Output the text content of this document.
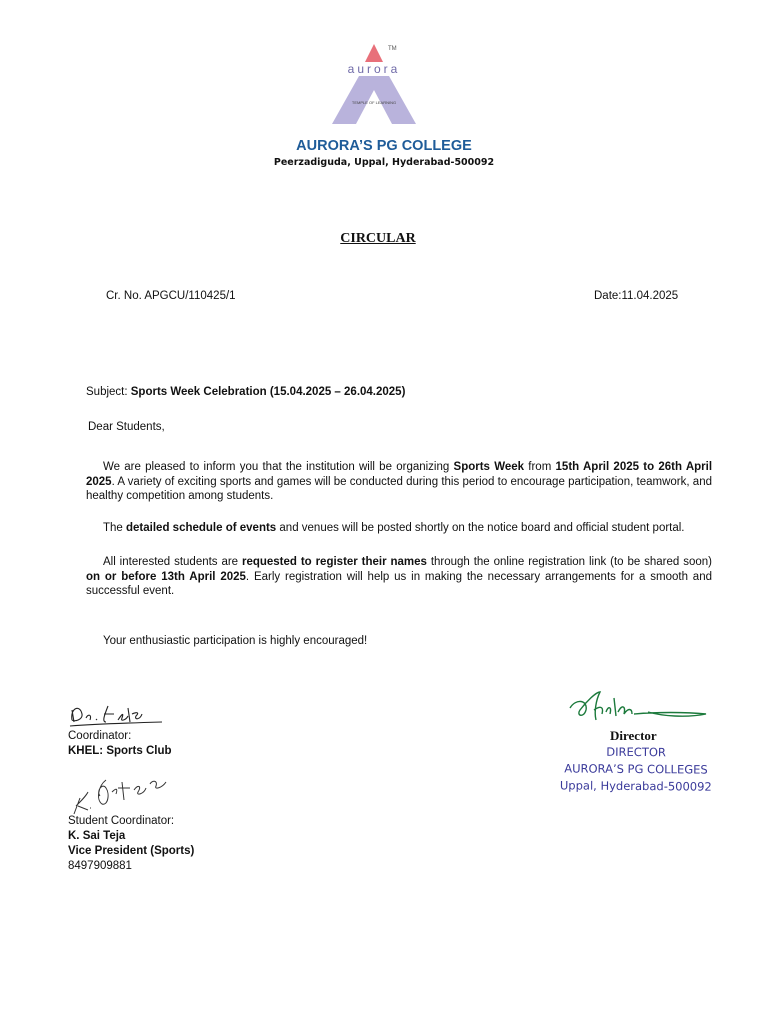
TM
aurora
TEMPLE OF LEARNING
AURORA’S PG COLLEGE
Peerzadiguda, Uppal, Hyderabad-500092
CIRCULAR
Cr. No. APGCU/110425/1	Date:11.04.2025
Subject: Sports Week Celebration (15.04.2025 – 26.04.2025)
Dear Students,
We are pleased to inform you that the institution will be organizing Sports Week from 15th April 2025 to 26th April 2025. A variety of exciting sports and games will be conducted during this period to encourage participation, teamwork, and healthy competition among students.
The detailed schedule of events and venues will be posted shortly on the notice board and official student portal.
All interested students are requested to register their names through the online registration link (to be shared soon) on or before 13th April 2025. Early registration will help us in making the necessary arrangements for a smooth and successful event.
Your enthusiastic participation is highly encouraged!
Coordinator:
KHEL: Sports Club
Student Coordinator:
K. Sai Teja
Vice President (Sports)
8497909881
Director
DIRECTOR
AURORA’S PG COLLEGES
Uppal, Hyderabad-500092
